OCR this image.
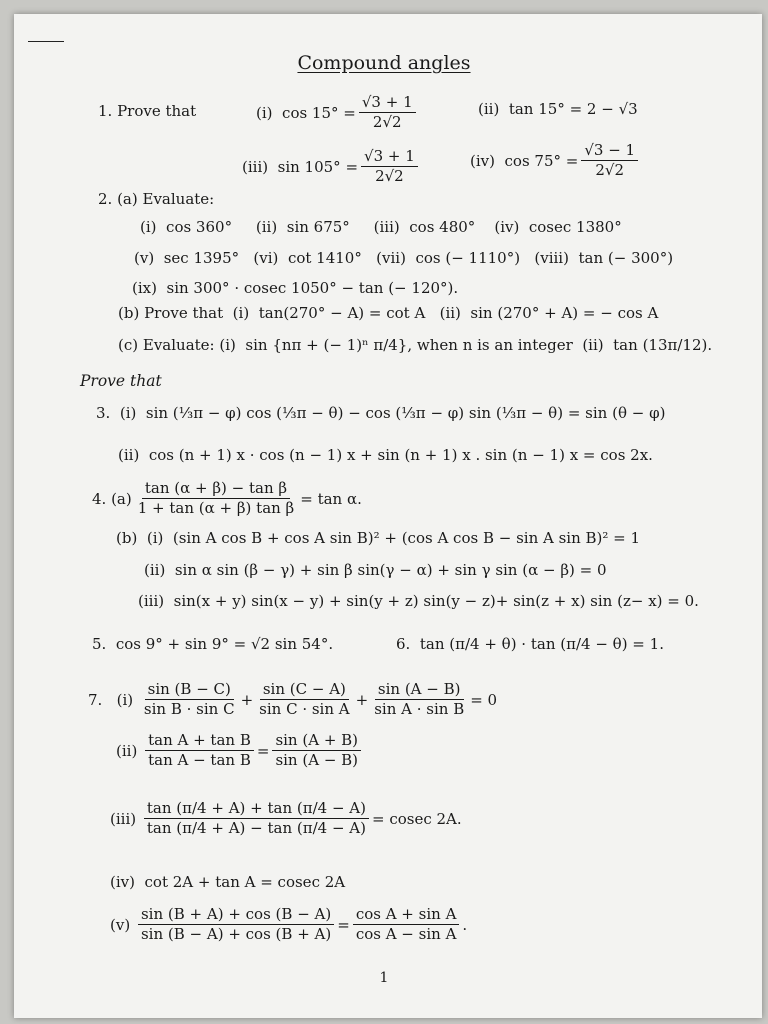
Compound angles
1. Prove that	(i)  $\cos 15^\circ = \frac{√3 + 1}{2√2}$	(ii)  tan 15° = 2 − √3
(iii)  $\sin 105^\circ = \frac{√3 + 1}{2√2}$	(iv)  $\cos 75^\circ = \frac{√3 - 1}{2√2}$
2. (a) Evaluate:
(i)  cos 360°     (ii)  sin 675°     (iii)  cos 480°    (iv)  cosec 1380°
(v)  sec 1395°   (vi)  cot 1410°   (vii)  cos (− 1110°)   (viii)  tan (− 300°)
(ix)  sin 300° · cosec 1050° − tan (− 120°).
(b) Prove that  (i)  tan(270° − A) = cot A   (ii)  sin (270° + A) = − cos A
(c) Evaluate: (i)  sin
{nπ + (− 1)ⁿ π/4} , when n is an integer  (ii)  tan
(13π/12) .
Prove that
3.  (i)  sin (⅓π − φ) cos (⅓π − θ) − cos (⅓π − φ) sin (⅓π − θ) = sin (θ − φ)
(ii)  cos (n + 1) x · cos (n − 1) x + sin (n + 1) x . sin (n − 1) x = cos 2x.
4. $(a) \frac{\text{tan (α + β) − tan β}}{\text{1 + tan (α + β) tan β}} = \tan \alpha$.
(b)  (i)  (sin A cos B + cos A sin B)² + (cos A cos B − sin A sin B)² = 1
(ii)  sin α sin (β − γ) + sin β sin(γ − α) + sin γ sin (α − β) = 0
(iii)  sin(x + y) sin(x − y) + sin(y + z) sin(y − z)+ sin(z + x) sin (z− x) = 0.
5.  cos 9° + sin 9° = √2 sin 54°.	6.  tan (π/4 + θ) · tan (π/4 − θ) = 1.
7.
(i)
$\frac{\sin (B - C)}{\text{sin B · sin C}} + \frac{\sin (C - A)}{\text{sin C · sin A}} + \frac{\sin (A - B)}{\text{sin A · sin B}} = 0$
(ii)
$\frac{\text{tan A + tan B}}{\text{tan A − tan B}} = \frac{\sin (A + B)}{\sin (A - B)}$
(iii)
$\frac{\tan (\pi/4 + A) + \tan (\pi/4 - A)}{\tan (\pi/4 + A) - \tan (\pi/4 - A)} = cosec$ 2A.
(iv)  cot 2A + tan A = cosec 2A
(v)
$\frac{\sin (B + A) + \cos (B - A)}{\sin (B - A) + \cos (B + A)} = \frac{\text{cos A + sin A}}{\text{cos A − sin A}}$ .
1
